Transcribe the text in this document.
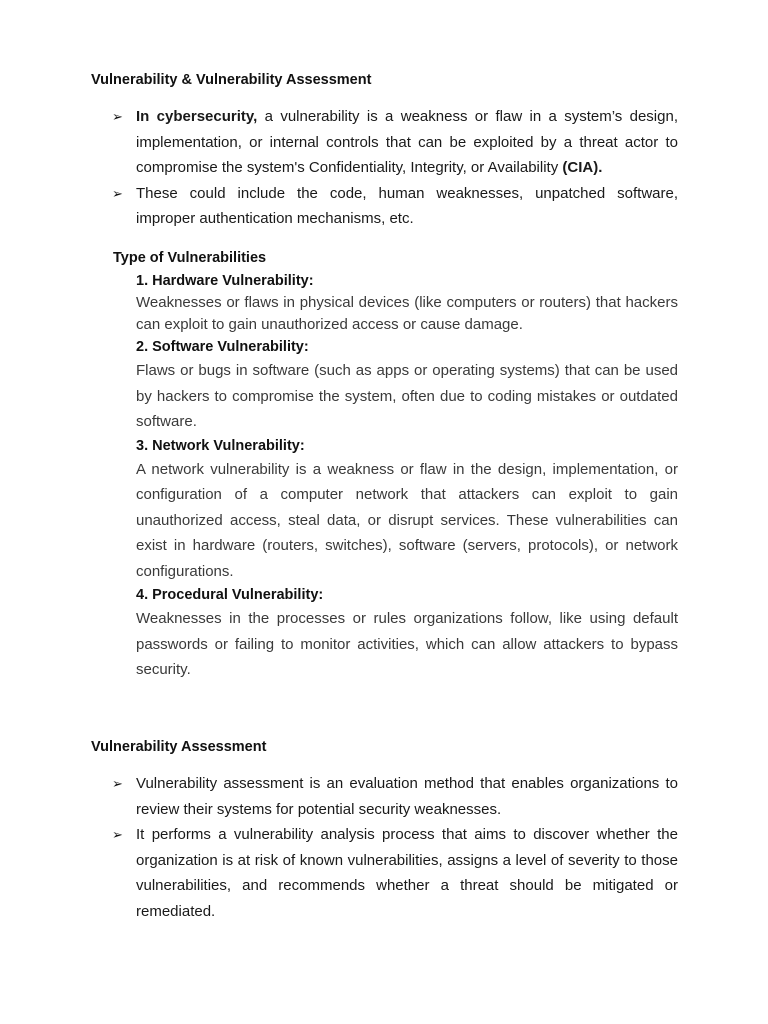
Vulnerability & Vulnerability Assessment
➢ In cybersecurity, a vulnerability is a weakness or flaw in a system’s design, implementation, or internal controls that can be exploited by a threat actor to compromise the system's Confidentiality, Integrity, or Availability (CIA).
➢ These could include the code, human weaknesses, unpatched software, improper authentication mechanisms, etc.
Type of Vulnerabilities
1. Hardware Vulnerability:
Weaknesses or flaws in physical devices (like computers or routers) that hackers can exploit to gain unauthorized access or cause damage.
2. Software Vulnerability:
Flaws or bugs in software (such as apps or operating systems) that can be used by hackers to compromise the system, often due to coding mistakes or outdated software.
3. Network Vulnerability:
A network vulnerability is a weakness or flaw in the design, implementation, or configuration of a computer network that attackers can exploit to gain unauthorized access, steal data, or disrupt services. These vulnerabilities can exist in hardware (routers, switches), software (servers, protocols), or network configurations.
4. Procedural Vulnerability:
Weaknesses in the processes or rules organizations follow, like using default passwords or failing to monitor activities, which can allow attackers to bypass security.
Vulnerability Assessment
➢ Vulnerability assessment is an evaluation method that enables organizations to review their systems for potential security weaknesses.
➢ It performs a vulnerability analysis process that aims to discover whether the organization is at risk of known vulnerabilities, assigns a level of severity to those vulnerabilities, and recommends whether a threat should be mitigated or remediated.
